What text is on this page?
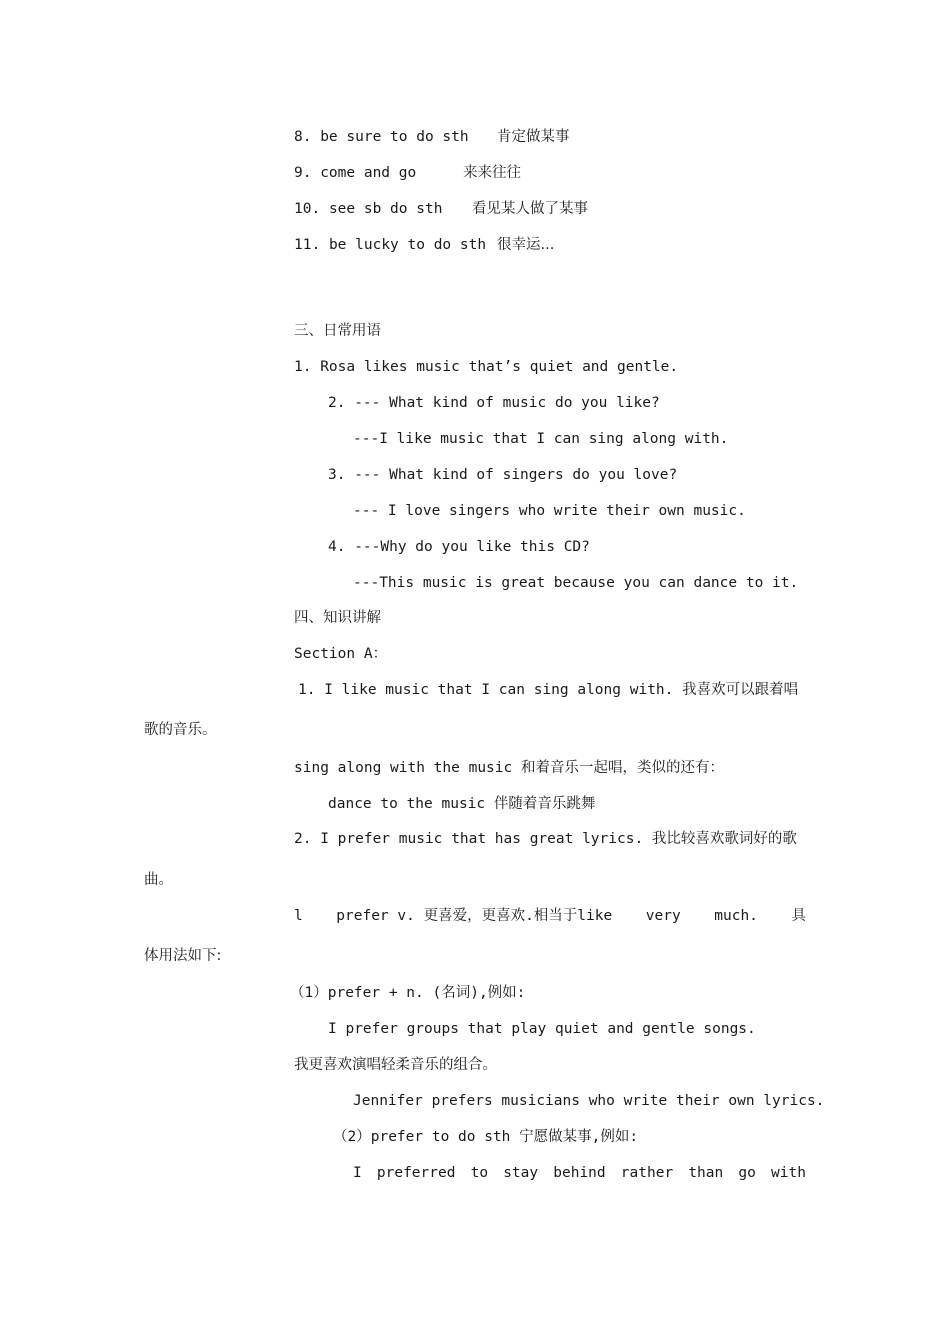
8. be sure to do sth 肯定做某事
9. come and go	来来往往
10. see sb do sth 看见某人做了某事
11. be lucky to do sth 很幸运...
三、日常用语
1. Rosa likes music that’s quiet and gentle.
2. --- What kind of music do you like?
---I like music that I can sing along with.
3. --- What kind of singers do you love?
--- I love singers who write their own music.
4. ---Why do you like this CD?
---This music is great because you can dance to it.
四、知识讲解
Section A：
1. I like music that I can sing along with. 我喜欢可以跟着唱
歌的音乐。
sing along with the music 和着音乐一起唱，类似的还有：
dance to the music 伴随着音乐跳舞
2. I prefer music that has great lyrics. 我比较喜欢歌词好的歌
曲。
l prefer v. 更喜爱，更喜欢.相当于like very much. 具
体用法如下:
（1）prefer + n. (名词),例如:
I prefer groups that play quiet and gentle songs.
我更喜欢演唱轻柔音乐的组合。
Jennifer prefers musicians who write their own lyrics.
（2）prefer to do sth 宁愿做某事,例如:
I preferred to stay behind rather than go with
